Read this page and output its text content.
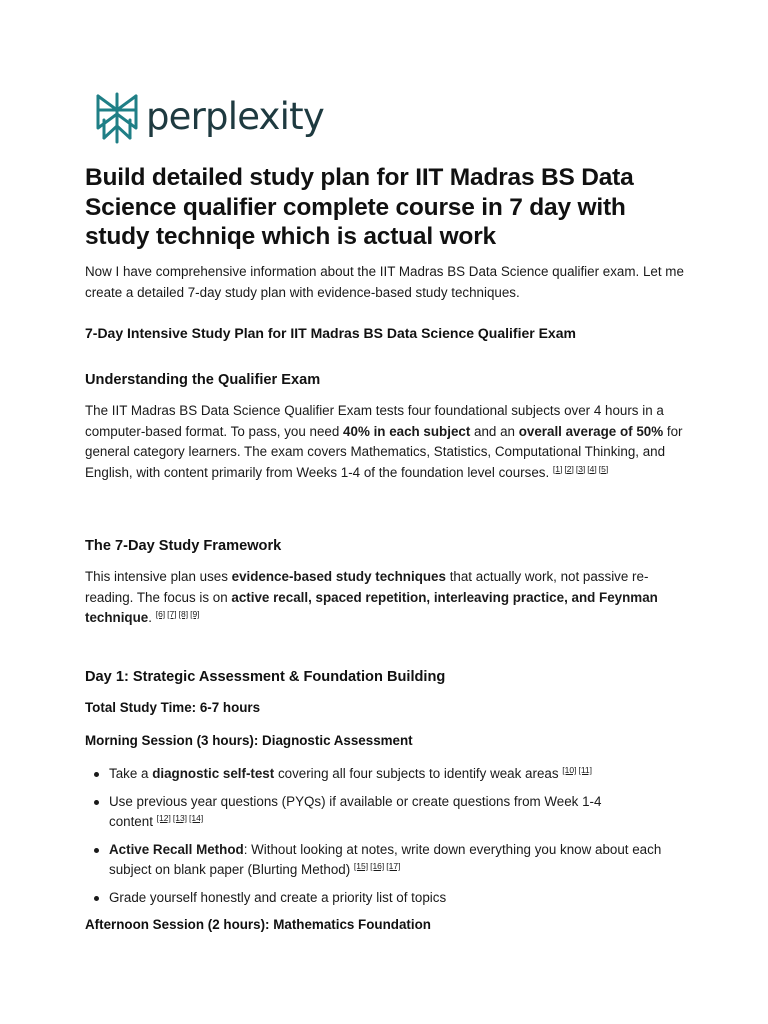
perplexity
Build detailed study plan for IIT Madras BS Data Science qualifier complete course in 7 day with study techniqe which is actual work

Now I have comprehensive information about the IIT Madras BS Data Science qualifier exam. Let me create a detailed 7-day study plan with evidence-based study techniques.

7-Day Intensive Study Plan for IIT Madras BS Data Science Qualifier Exam
Understanding the Qualifier Exam

The IIT Madras BS Data Science Qualifier Exam tests four foundational subjects over 4 hours in a computer-based format. To pass, you need 40% in each subject and an overall average of 50% for general category learners. The exam covers Mathematics, Statistics, Computational Thinking, and English, with content primarily from Weeks 1-4 of the foundation level courses. [1] [2] [3] [4] [5]

The 7-Day Study Framework

This intensive plan uses evidence-based study techniques that actually work, not passive re-reading. The focus is on active recall, spaced repetition, interleaving practice, and Feynman technique. [6] [7] [8] [9]

Day 1: Strategic Assessment & Foundation Building
Total Study Time: 6-7 hours
Morning Session (3 hours): Diagnostic Assessment
Take a diagnostic self-test covering all four subjects to identify weak areas [10] [11]
Use previous year questions (PYQs) if available or create questions from Week 1-4 content [12] [13] [14]
Active Recall Method: Without looking at notes, write down everything you know about each subject on blank paper (Blurting Method) [15] [16] [17]
Grade yourself honestly and create a priority list of topics
Afternoon Session (2 hours): Mathematics Foundation
